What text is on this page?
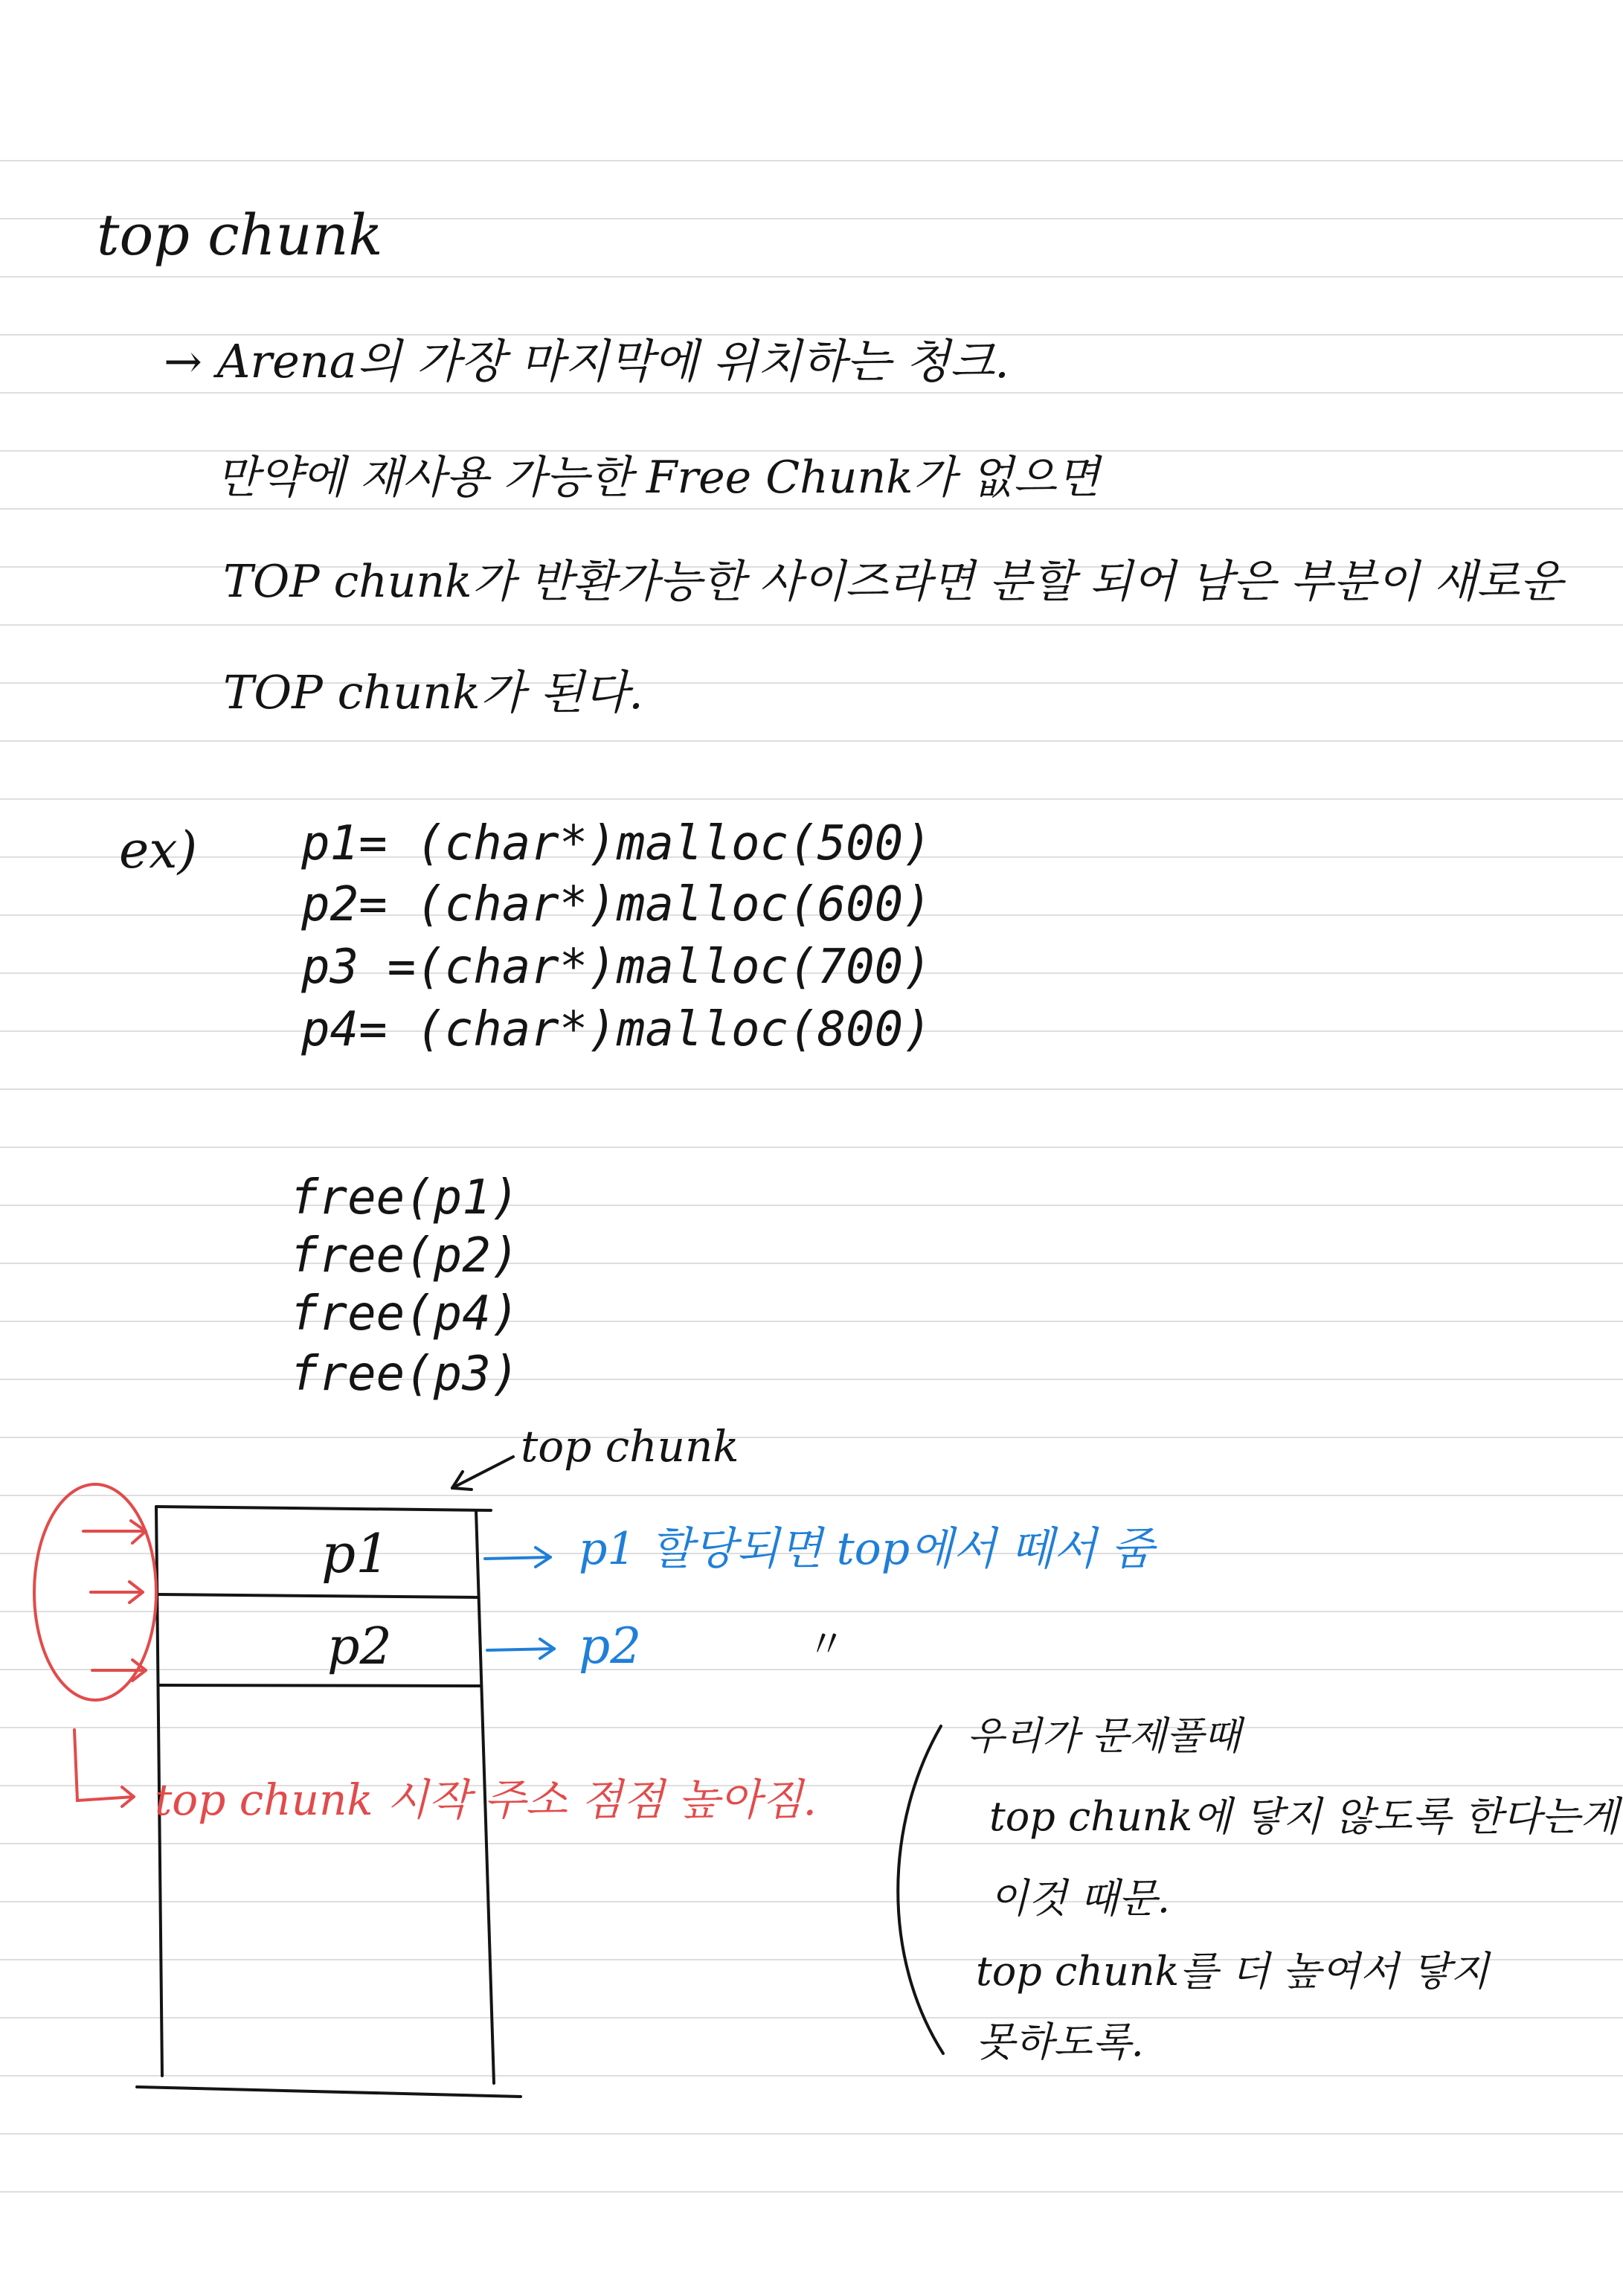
top chunk
→ Arena의 가장 마지막에 위치하는 청크.
만약에 재사용 가능한 Free Chunk가 없으면
TOP chunk가 반환가능한 사이즈라면 분할 되어 남은 부분이 새로운
TOP chunk가 된다.
ex) p1= (char*)malloc(500)
p2= (char*)malloc(600)
p3 =(char*)malloc(700)
p4= (char*)malloc(800)
free(p1)
free(p2)
free(p4)
free(p3)
top chunk
p1
p2
p1 할당되면 top에서 떼서 줌
p2	〃
top chunk 시작 주소 점점 높아짐.
우리가 문제풀때
top chunk에 닿지 않도록 한다는게
이것 때문.
top chunk를 더 높여서 닿지
못하도록.
